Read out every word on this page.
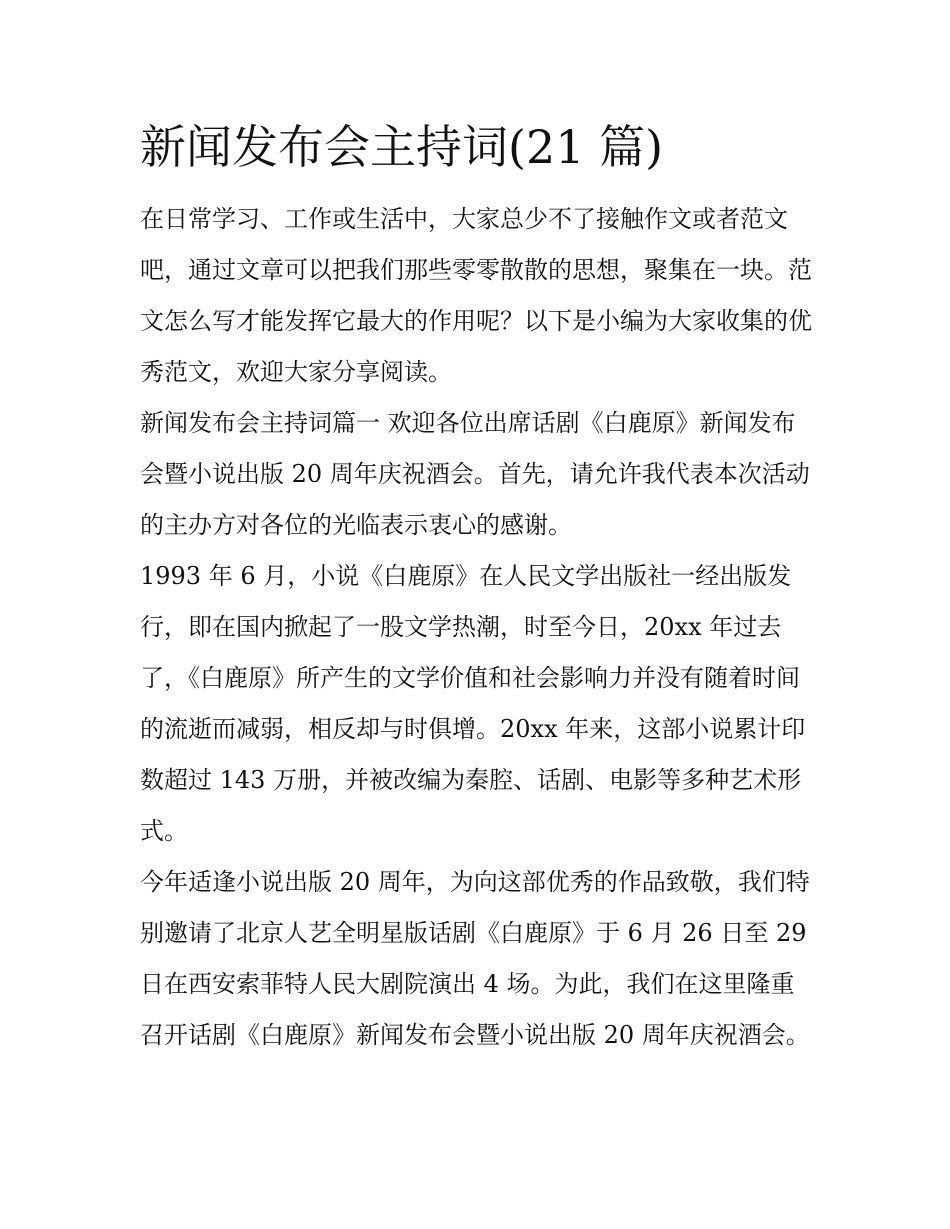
新闻发布会主持词(21 篇)

在日常学习、工作或生活中，大家总少不了接触作文或者范文吧，通过文章可以把我们那些零零散散的思想，聚集在一块。范文怎么写才能发挥它最大的作用呢？以下是小编为大家收集的优秀范文，欢迎大家分享阅读。

新闻发布会主持词篇一 欢迎各位出席话剧《白鹿原》新闻发布会暨小说出版 20 周年庆祝酒会。首先，请允许我代表本次活动的主办方对各位的光临表示衷心的感谢。

1993 年 6 月，小说《白鹿原》在人民文学出版社一经出版发行，即在国内掀起了一股文学热潮，时至今日，20xx 年过去了，《白鹿原》所产生的文学价值和社会影响力并没有随着时间的流逝而减弱，相反却与时俱增。20xx 年来，这部小说累计印数超过 143 万册，并被改编为秦腔、话剧、电影等多种艺术形式。

今年适逢小说出版 20 周年，为向这部优秀的作品致敬，我们特别邀请了北京人艺全明星版话剧《白鹿原》于 6 月 26 日至 29 日在西安索菲特人民大剧院演出 4 场。为此，我们在这里隆重召开话剧《白鹿原》新闻发布会暨小说出版 20 周年庆祝酒会。
